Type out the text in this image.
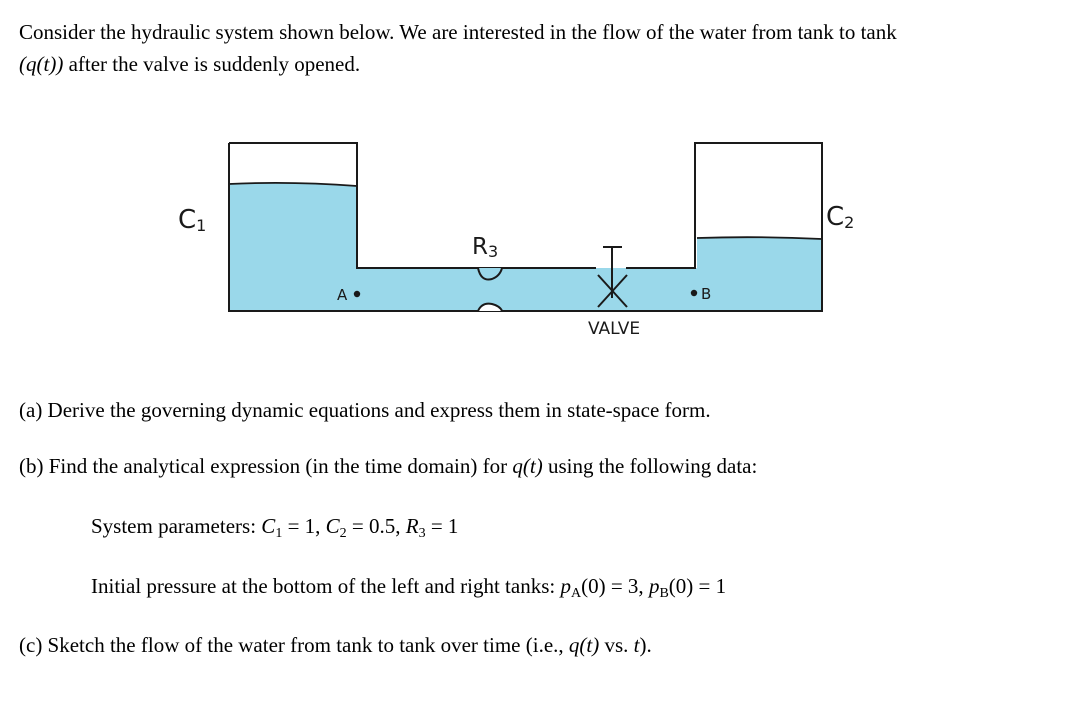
Consider the hydraulic system shown below. We are interested in the flow of the water from tank to tank
(q(t)) after the valve is suddenly opened.
C1	C2
R3
A	B
VALVE
(a) Derive the governing dynamic equations and express them in state-space form.
(b) Find the analytical expression (in the time domain) for q(t) using the following data:
System parameters: $C_1 = 1$, $C_2 = 0.5$, $R_3 = 1$
Initial pressure at the bottom of the left and right tanks: $p_A(0) = 3$, $p_B(0) = 1$
(c) Sketch the flow of the water from tank to tank over time (i.e., q(t) vs. t).
